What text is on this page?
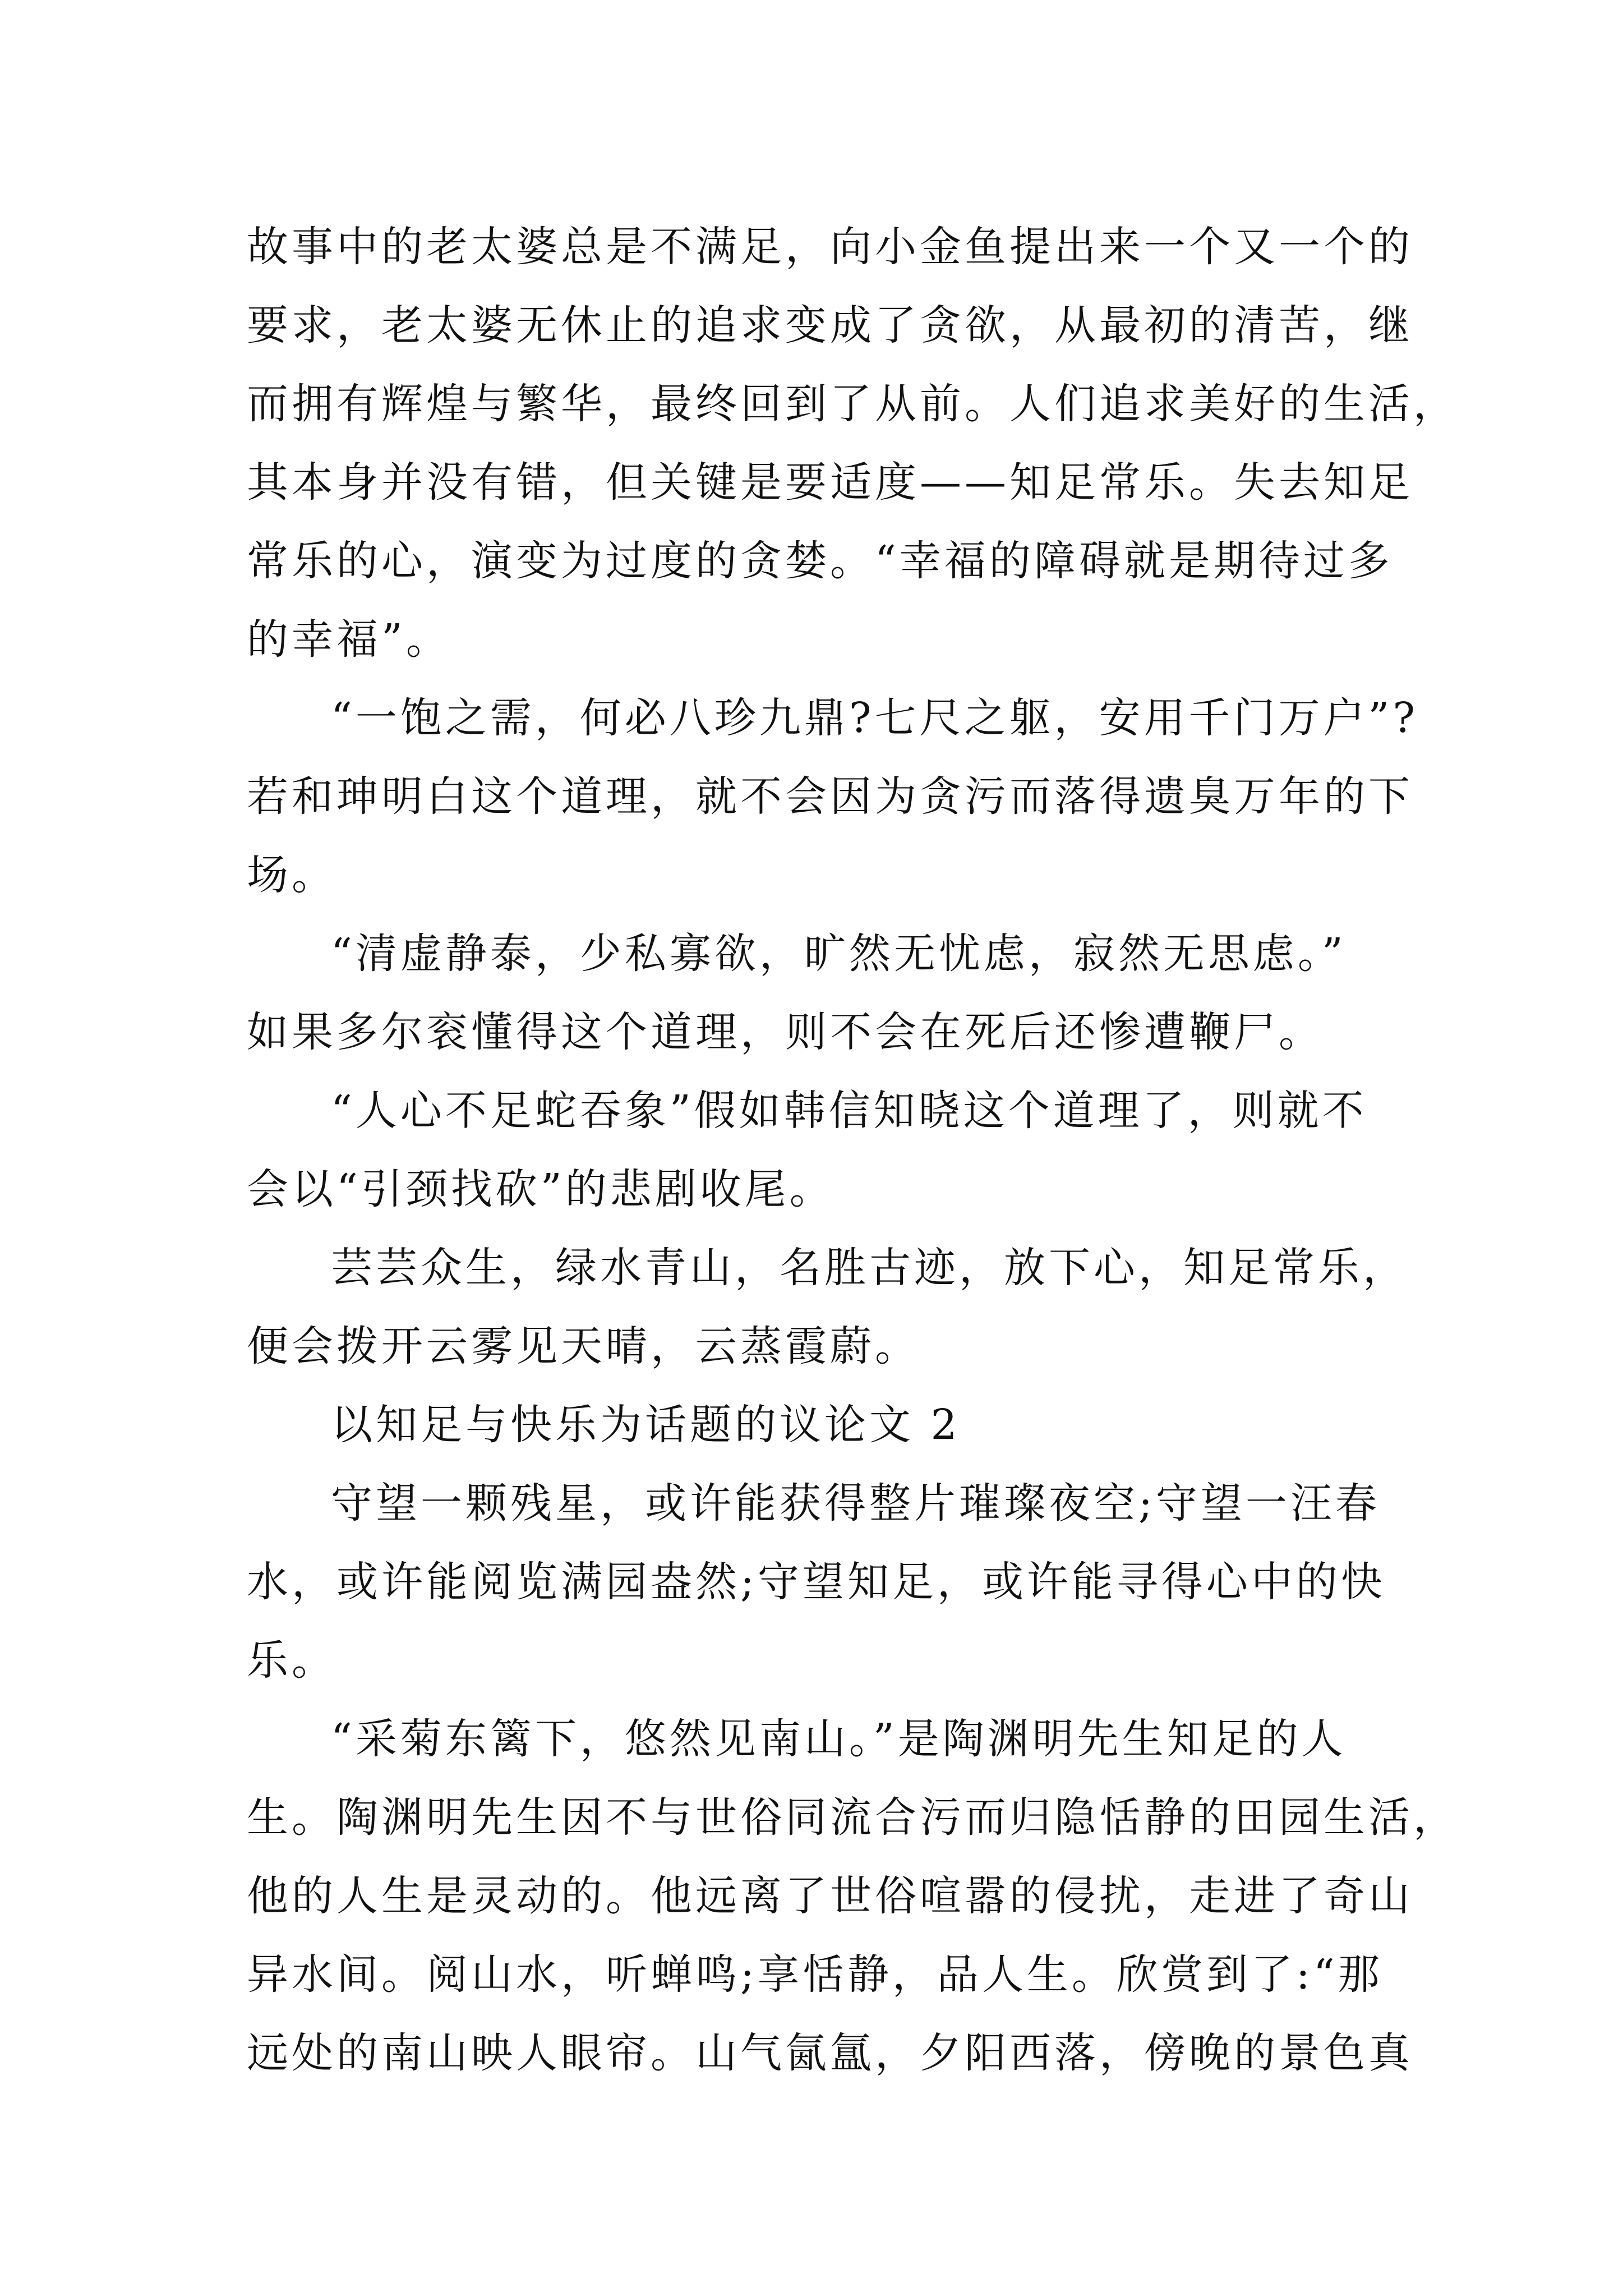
故事中的老太婆总是不满足，向小金鱼提出来一个又一个的
要求，老太婆无休止的追求变成了贪欲，从最初的清苦，继
而拥有辉煌与繁华，最终回到了从前。人们追求美好的生活，
其本身并没有错，但关键是要适度——知足常乐。失去知足
常乐的心，演变为过度的贪婪。“幸福的障碍就是期待过多
的幸福”。
“一饱之需，何必八珍九鼎?七尺之躯，安用千门万户”?
若和珅明白这个道理，就不会因为贪污而落得遗臭万年的下
场。
“清虚静泰，少私寡欲，旷然无忧虑，寂然无思虑。”
如果多尔衮懂得这个道理，则不会在死后还惨遭鞭尸。
“人心不足蛇吞象”假如韩信知晓这个道理了，则就不
会以“引颈找砍”的悲剧收尾。
芸芸众生，绿水青山，名胜古迹，放下心，知足常乐，
便会拨开云雾见天晴，云蒸霞蔚。
以知足与快乐为话题的议论文 2
守望一颗残星，或许能获得整片璀璨夜空;守望一汪春
水，或许能阅览满园盎然;守望知足，或许能寻得心中的快
乐。
“采菊东篱下，悠然见南山。”是陶渊明先生知足的人
生。陶渊明先生因不与世俗同流合污而归隐恬静的田园生活，
他的人生是灵动的。他远离了世俗喧嚣的侵扰，走进了奇山
异水间。阅山水，听蝉鸣;享恬静，品人生。欣赏到了:“那
远处的南山映人眼帘。山气氤氲，夕阳西落，傍晚的景色真
